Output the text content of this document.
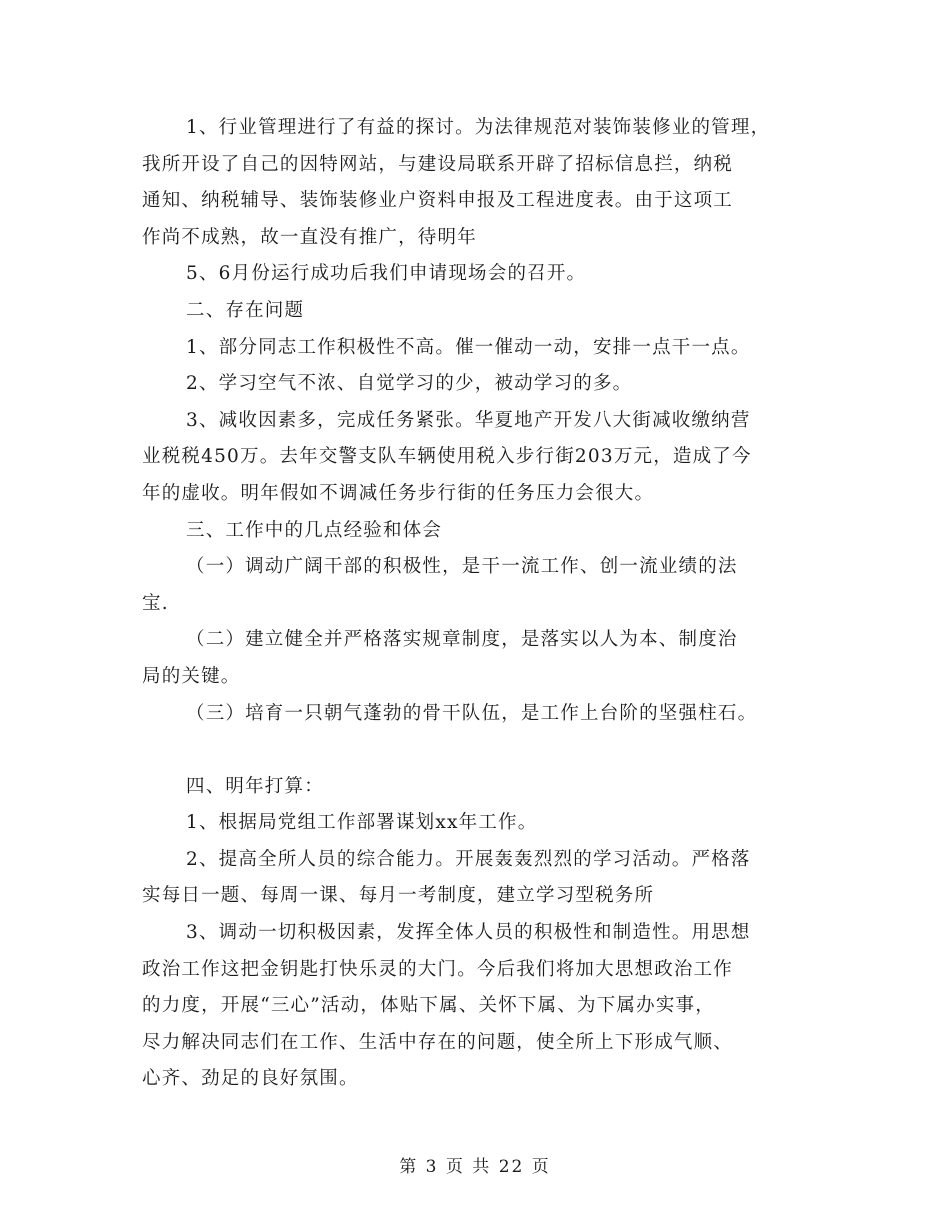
1、行业管理进行了有益的探讨。为法律规范对装饰装修业的管理，
我所开设了自己的因特网站，与建设局联系开辟了招标信息拦，纳税
通知、纳税辅导、装饰装修业户资料申报及工程进度表。由于这项工
作尚不成熟，故一直没有推广，待明年
5、6月份运行成功后我们申请现场会的召开。
二、存在问题
1、部分同志工作积极性不高。催一催动一动，安排一点干一点。
2、学习空气不浓、自觉学习的少，被动学习的多。
3、减收因素多，完成任务紧张。华夏地产开发八大街减收缴纳营
业税税450万。去年交警支队车辆使用税入步行街203万元，造成了今
年的虚收。明年假如不调减任务步行街的任务压力会很大。
三、工作中的几点经验和体会
（一）调动广阔干部的积极性，是干一流工作、创一流业绩的法
宝.
（二）建立健全并严格落实规章制度，是落实以人为本、制度治
局的关键。
（三）培育一只朝气蓬勃的骨干队伍，是工作上台阶的坚强柱石。
四、明年打算：
1、根据局党组工作部署谋划xx年工作。
2、提高全所人员的综合能力。开展轰轰烈烈的学习活动。严格落
实每日一题、每周一课、每月一考制度，建立学习型税务所
3、调动一切积极因素，发挥全体人员的积极性和制造性。用思想
政治工作这把金钥匙打快乐灵的大门。今后我们将加大思想政治工作
的力度，开展“三心”活动，体贴下属、关怀下属、为下属办实事，
尽力解决同志们在工作、生活中存在的问题，使全所上下形成气顺、
心齐、劲足的良好氛围。
第 3 页 共 22 页
